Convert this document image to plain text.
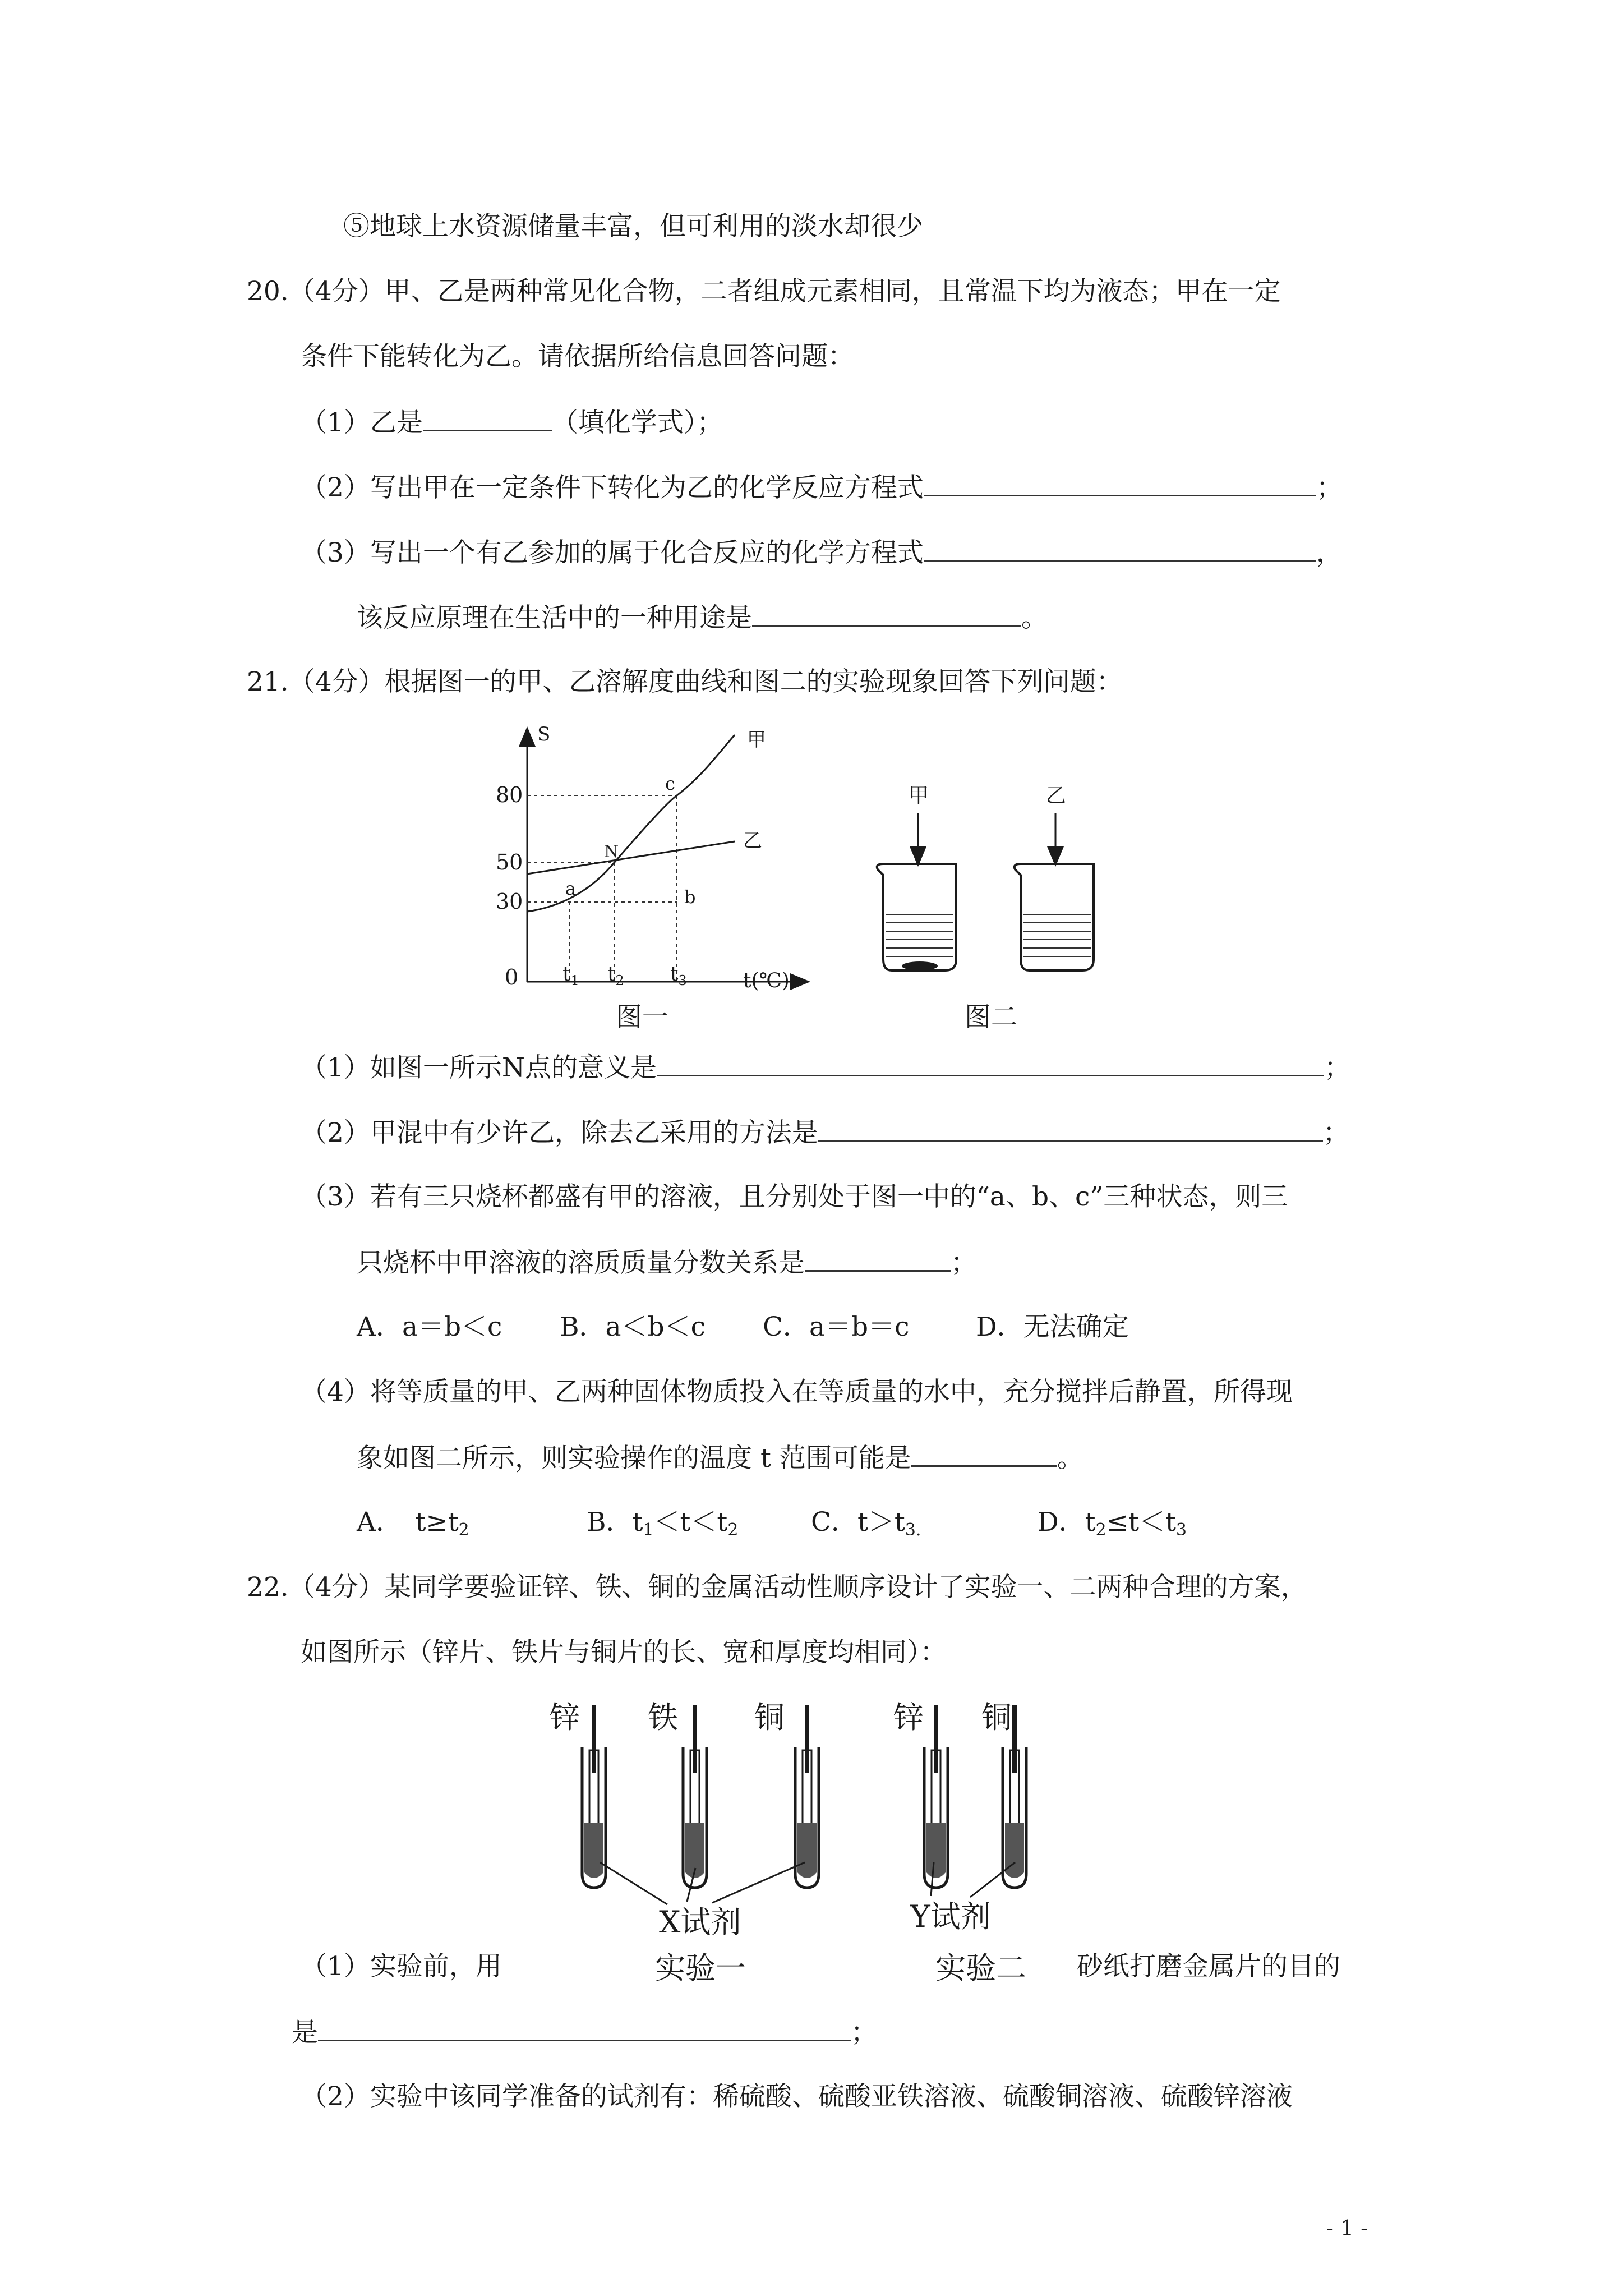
⑤地球上水资源储量丰富，但可利用的淡水却很少
20.（4分）甲、乙是两种常见化合物，二者组成元素相同，且常温下均为液态；甲在一定
条件下能转化为乙。请依据所给信息回答问题：
（1）乙是	（填化学式）；
（2）写出甲在一定条件下转化为乙的化学反应方程式	；
（3）写出一个有乙参加的属于化合反应的化学方程式	，
该反应原理在生活中的一种用途是	。
21.（4分）根据图一的甲、乙溶解度曲线和图二的实验现象回答下列问题：
S
80
50
30
0 $t_1$ $t_2$ $t_3$	t(℃)
甲
乙
a	b
c
N
图一
甲	乙
图二
（1）如图一所示N点的意义是	；
（2）甲混中有少许乙，除去乙采用的方法是	；
（3）若有三只烧杯都盛有甲的溶液，且分别处于图一中的“a、b、c”三种状态，则三
只烧杯中甲溶液的溶质质量分数关系是	；
A．a＝b＜c B．a＜b＜c C．a＝b＝c	D．无法确定
（4）将等质量的甲、乙两种固体物质投入在等质量的水中，充分搅拌后静置，所得现
象如图二所示，则实验操作的温度 t 范围可能是	。
A．　$t\ge t_2$	B．$t_1<t<t_2$	C．$t>t_{3.}$	D．$t_2\le t<t_3$
22.（4分）某同学要验证锌、铁、铜的金属活动性顺序设计了实验一、二两种合理的方案，
如图所示（锌片、铁片与铜片的长、宽和厚度均相同）：
锌 铁	铜	锌 铜
X试剂	Y试剂
（1）实验前，用	实验一	实验二 砂纸打磨金属片的目的
是	；
（2）实验中该同学准备的试剂有：稀硫酸、硫酸亚铁溶液、硫酸铜溶液、硫酸锌溶液
- 1 -
